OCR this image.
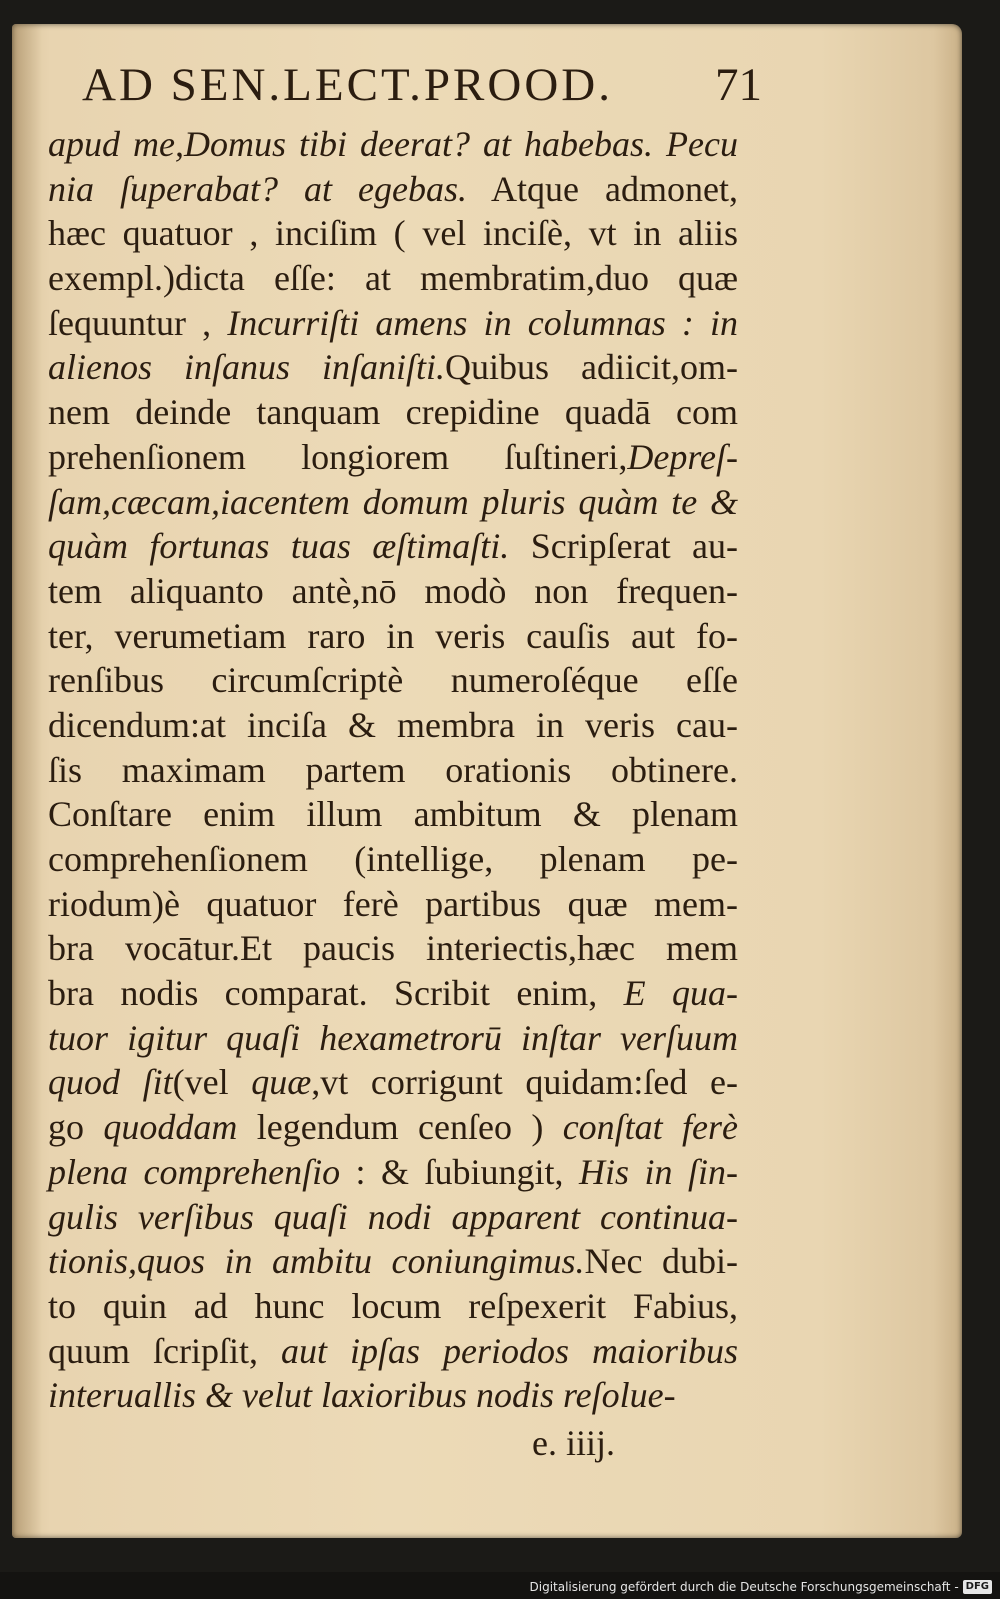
AD SEN.LECT.PROOD. 71
apud me,Domus tibi deerat? at habebas. Pecu
nia ſuperabat? at egebas. Atque admonet,
hæc quatuor , inciſim ( vel inciſè, vt in aliis
exempl.)dicta eſſe: at membratim,duo quæ
ſequuntur , Incurriſti amens in columnas : in
alienos inſanus inſaniſti.Quibus adiicit,om-
nem deinde tanquam crepidine quadā com
prehenſionem longiorem ſuſtineri,Depreſ-
ſam,cæcam,iacentem domum pluris quàm te &
quàm fortunas tuas æſtimaſti. Scripſerat au-
tem aliquanto antè,nō modò non frequen-
ter, verumetiam raro in veris cauſis aut fo-
renſibus circumſcriptè numeroſéque eſſe
dicendum:at inciſa & membra in veris cau-
ſis maximam partem orationis obtinere.
Conſtare enim illum ambitum & plenam
comprehenſionem (intellige, plenam pe-
riodum)è quatuor ferè partibus quæ mem-
bra vocātur.Et paucis interiectis,hæc mem
bra nodis comparat. Scribit enim, E qua-
tuor igitur quaſi hexametrorū inſtar verſuum
quod ſit(vel quæ,vt corrigunt quidam:ſed e-
go quoddam legendum cenſeo ) conſtat ferè
plena comprehenſio : & ſubiungit, His in ſin-
gulis verſibus quaſi nodi apparent continua-
tionis,quos in ambitu coniungimus.Nec dubi-
to quin ad hunc locum reſpexerit Fabius,
quum ſcripſit, aut ipſas periodos maioribus
interuallis & velut laxioribus nodis reſolue-
e. iiij.
Digitalisierung gefördert durch die Deutsche Forschungsgemeinschaft - DFG
